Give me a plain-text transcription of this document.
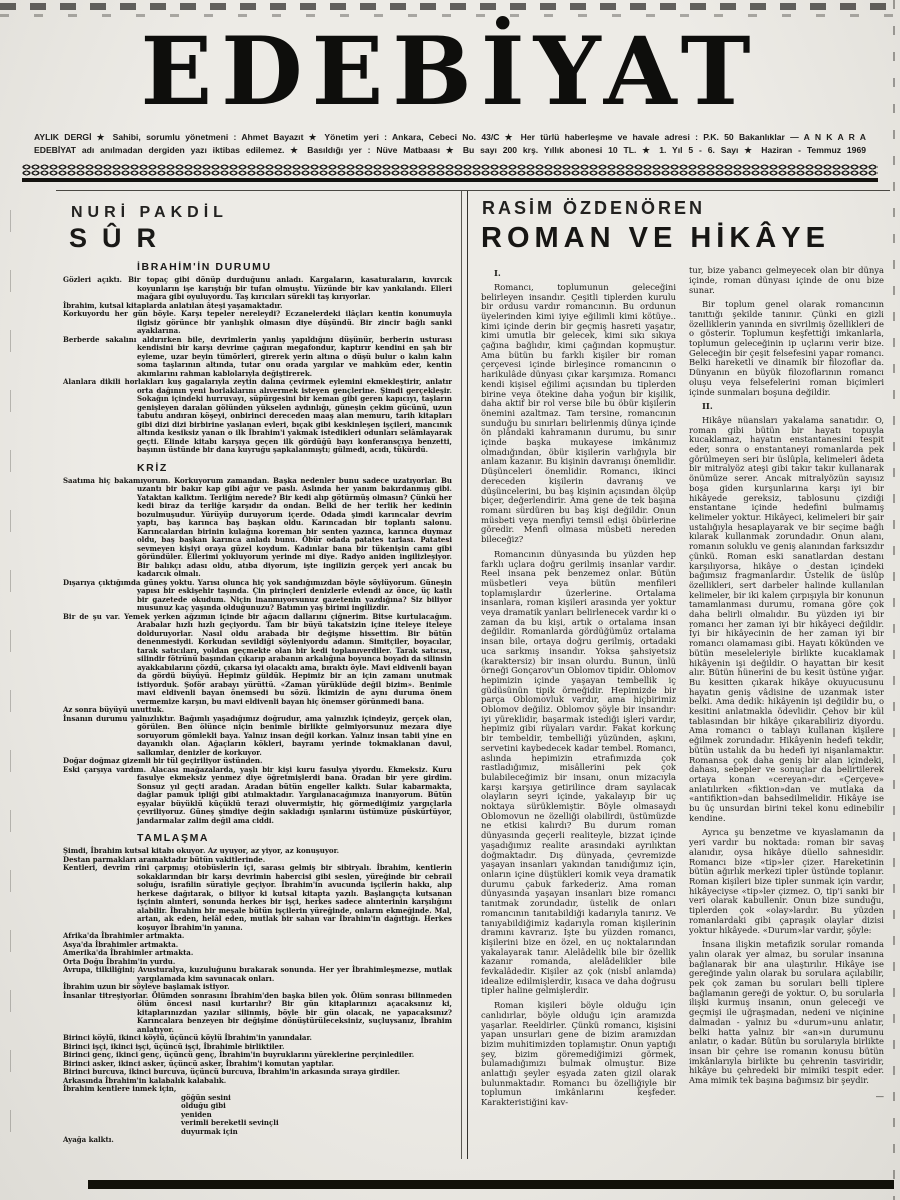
EDEBİYAT
AYLIK DERGİ ★ Sahibi, sorumlu yönetmeni : Ahmet Bayazıt ★ Yönetim yeri : Ankara, Cebeci No. 43/C ★ Her türlü haberleşme ve havale adresi : P.K. 50 Bakanlıklar — A N K A R A
EDEBİYAT adı anılmadan dergiden yazı iktibas edilemez. ★ Basıldığı yer : Nüve Matbaası ★ Bu sayı 200 krş. Yıllık abonesi 10 TL. ★ 1. Yıl 5 - 6. Sayı ★ Haziran - Temmuz 1969
NURİ PAKDİL
SÛR
İBRAHİM'İN DURUMU

Gözleri açıktı. Bir topaç gibi dönüp durduğunu anladı. Kargaların, kasaturaların, kıvırcık koyunların işe karıştığı bir tufan olmuştu. Yüzünde bir kav yankılandı. Elleri mağara gibi oyuluyordu. Taş kırıcıları sürekli taş kırıyorlar.

İbrahim, kutsal kitaplarda anlatılan âteşi yaşamaktadır.

Korkuyordu her gün böyle. Karşı tepeler nereleydi? Eczanelerdeki ilâçları kentin konumuyla ilgisiz görünce bir yanlışlık olmasın diye düşündü. Bir zincir bağlı sanki ayaklarına.

Berberde sakalını aldırırken bile, devrimlerin yanlış yapıldığını düşünür, berberin usturası kendisini bir karşı devrime çağıran megafondur, kaptırır kendini en şah bir eyleme, uzar beyin tümörleri, girerek yerin altına o düşü bulur o kalın kalın soma taşlarının altında, tutar onu orada yargılar ve mahkûm eder, kentin akımlarını rahman kablolarıyla değiştirerek.

Alanlara dikili horlakları kuş gagalarıyla zeytin dalına çevirmek eylemini ekmekleştirir, anlatır orta dağının yeni horlaklarını alıvermek isteyen gençlerine. Şimdi gerçekleşir. Sokağın içindeki hurruvayı, süpürgesini bir keman gibi geren kapıcıyı, taşların genişleyen daralan gölünden yükselen aydınlığı, güneşin çekim gücünü, uzun tabutu andıran köşeyi, onbirinci dereceden maaş alan memuru, tarih kitapları gibi dizi dizi birbirine yaslanan evleri, bıçak gibi keskinleşen işçileri, mancınık altında kesiksiz yanan o ilk İbrahim'i yakmak istedikleri odunları selâmlayarak geçti. Elinde kitabı karşıya geçen ilk gördüğü bayı konferansçıya benzetti, başının üstünde bir dana kuyruğu şapkalanmıştı; gülmedi, acıdı, tükürdü.

KRİZ

Saatıma hiç bakamıyorum. Korkuyorum zamandan. Başka nedenler bunu sadece uzatıyorlar. Bu uzantı bir bakır kap gibi ağır ve paslı. Aslında her yanım bakırdanmış gibi. Yataktan kalktım. Terliğim nerede? Bir kedi alıp götürmüş olmasın? Çünkü her kedi biraz da terliğe karşıdır da ondan. Belki de her terlik her kedinin bozulmuşudur. Yürüyüp duruyorum içerde. Odada şimdi karıncalar devrim yaptı, baş karınca baş başkan oldu. Karıncadan bir toplantı salonu. Karıncalardan birinin kulağına koreman bir senten yazınca, karınca duymaz oldu, baş başkan karınca anladı bunu. Öbür odada patates tarlası. Patatesi sevmeyen kişiyi oraya güzel koydum. Kadınlar bana bir tükenişin camı gibi göründüler. Ellerimi yokluyorum yerinde mi diye. Radyo aniden ingilizleşiyor. Bir balıkçı adası oldu, atıba diyorum, işte ingilizin gerçek yeri ancak bu kadarcık olmalı.

Dışarıya çıktığımda güneş yoktu. Yarısı olunca hiç yok sandığımızdan böyle söylüyorum. Güneşin yapısı bir eskişehir taşında. Çin pirinçleri denizlerle evlendi az önce, üç katlı bir gazetede okudum. Niçin inanmıyorsunuz gazetenin yazdığına? Siz biliyor musunuz kaç yaşında olduğunuzu? Batımın yaş birimi ingilizdir.

Bir de şu var. Yemek yerken ağzımın içinde bir ağacın dallarını çiğnerim. Bitse kurtulacağım. Arabalar hızlı hızlı geçiyordu. Tam bir büyü takatsizin içine iteleye iteleye dolduruyorlar. Nasıl oldu arabada bir değişme hissettim. Bir bütün denenmesiydi. Korkudan sevildiği söyleniyordu adamın. Simitçiler, boyacılar, tarak satıcıları, yoldan geçmekte olan bir kedi toplanıverdiler. Tarak satıcısı, silindir fötrünü başından çıkarıp arabanın arkalığına boyunca boyadı da silinsin ayakkabılarını çözdü, çıkarsa iyi olacaktı ama, bıraktı öyle. Mavi eldivenli bayan da gördü büyüyü. Hepimiz güldük. Hepimiz bir an için zamanı unutmak istiyorduk. Şoför arabayı yürüttü. «Zaman yürüklüde değil bizim». Benimle mavi eldivenli bayan önemsedi bu sözü. İkimizin de aynı duruma önem vermemize karşın, bu mavi eldivenli bayan hiç önemser görünmedi bana.

Az sonra büyüyü unuttuk.

İnsanın durumu yalnızlıktır. Bağımlı yaşadığımız doğrudur, ama yalnızlık içindeyiz, gerçek olan, görülen. Ben ölünce niçin benimle birlikte gelmiyorsunuz mezara diye soruyorum gömlekli baya. Yalnız insan değil korkan. Yalnız insan tabii yine en dayanıklı olan. Ağaçların kökleri, bayramı yerinde tokmaklanan davul, salkımlar, denizler de korkuyor.

Doğar doğmaz gizemli bir tül geçiriliyor üstünden.

Eski çarşıya vardım. Alacası mağazalarda, yaşlı bir kişi kuru fasulya yiyordu. Ekmeksiz. Kuru fasulye ekmeksiz yenmez diye öğretmişlerdi bana. Oradan bir yere girdim. Sonsuz yıl geçti aradan. Aradan bütün engeller kalktı. Sular kabarmakta, dağlar pamuk ipliği gibi atılmaktadır. Yargılanacağımıza inanıyorum. Bütün eşyalar büyüklü küçüklü terazi oluvermiştir, hiç görmediğimiz yargıçlarla çevriliyoruz. Güneş şimdiye değin sakladığı ışınlarını üstümüze püskürtüyor, jandarmalar zalim değil ama ciddi.

TAMLAŞMA

Şimdi, İbrahim kutsal kitabı okuyor. Az uyuyor, az yiyor, az konuşuyor.

Destan parmakları aramaktadır bütün vakitlerinde.

Kentleri, devrim rini çarpmış; otobüslerin içi, sarası gelmiş bir sibiryalı. İbrahim, kentlerin sokaklarından bir karşı devrimin habercisi gibi seslen, yüreğinde bir cebrail soluğu, israfilin süratiyle geçiyor. İbrahim'in avucunda işçilerin hakkı, alıp herkese dağıtarak, o biliyor ki kutsal kitapta yazılı. Başlangıçta kutsanan işçinin alınteri, sonunda herkes bir işçi, herkes sadece alınterinin karşılığını alabilir. İbrahim bir meşale bütün işçilerin yüreğinde, onların ekmeğinde. Mal, artan, ak eden, helâl eden, mutlak bir sahan var İbrahim'in dağıttığı. Herkes koşuyor İbrahim'in yanına.

Afrika'da İbrahimler artmakta.

Asya'da İbrahimler artmakta.

Amerika'da İbrahimler artmakta.

Orta Doğu İbrahim'in yurdu.

Avrupa, tilkiliğini; Avusturalya, kuzuluğunu bırakarak sonunda. Her yer İbrahimleşmezse, mutlak yargılamada kim savunacak onları.

İbrahim uzun bir söyleve başlamak istiyor.

İnsanlar titreşiyorlar. Ölümden sonrasını İbrahim'den başka bilen yok. Ölüm sonrası bilinmeden ölüm öncesi nasıl kurtarılır? Bir gün kitaplarınızı açacaksınız ki, kitaplarınızdan yazılar silinmiş, böyle bir gün olacak, ne yapacaksınız? Karıncalara benzeyen bir değişime dönüştürüleceksiniz, suçluysanız, İbrahim anlatıyor.

Birinci köylü, ikinci köylü, üçüncü köylü İbrahim'in yanındalar.

Birinci işçi, ikinci işçi, üçüncü işçi, İbrahimle birliktiler.

Birinci genç, ikinci genç, üçüncü genç, İbrahim'in buyruklarını yüreklerine perçinlediler.

Birinci asker, ikinci asker, üçüncü asker, İbrahim'i komutan yaptılar.

Birinci burcuva, ikinci burcuva, üçüncü burcuva, İbrahim'in arkasında sıraya girdiler.

Arkasında İbrahim'in kalabalık kalabalık.

İbrahim kentlere inmek için,

göğün sesini

olduğu gibi

yeniden

verimli bereketli sevinçli

duyurmak için

Ayağa kalktı.

RASİM ÖZDENÖREN
ROMAN VE HİKÂYE

I.

Romancı, toplumunun geleceğini belirleyen insandır. Çeşitli tiplerden kurulu bir ordusu vardır romancının. Bu ordunun üyelerinden kimi iyiye eğilimli kimi kötüye.. kimi içinde derin bir geçmiş hasreti yaşatır, kimi umutla bir gelecek, kimi sıkı sıkıya çağına bağlıdır, kimi çağından kopmuştur. Ama bütün bu farklı kişiler bir roman çerçevesi içinde birleşince romancının o harikulâde dünyası çıkar karşımıza. Romancı kendi kişisel eğilimi açısından bu tiplerden birine veya ötekine daha yoğun bir kişilik, daha aktif bir rol verse bile bu öbür kişilerin önemini azaltmaz. Tam tersine, romancının sunduğu bu sınırları belirlenmiş dünya içinde ön plândaki kahramanın durumu, bu sınır içinde başka mukayese imkânımız olmadığından, öbür kişilerin varlığıyla bir anlam kazanır. Bu kişinin davranışı önemlidir. Düşünceleri önemlidir. Romancı, ikinci dereceden kişilerin davranış ve düşüncelerini, bu baş kişinin açısından ölçüp biçer, değerlendirir. Ama gene de tek başına romanı sürdüren bu baş kişi değildir. Onun müsbeti veya menfiyi temsil edişi öbürlerine göredir. Menfi olmasa müsbeti nereden bileceğiz?

Romancının dünyasında bu yüzden hep farklı uçlara doğru gerilmiş insanlar vardır. Reel insana pek benzemez onlar. Bütün müsbetleri veya bütün menfileri toplamışlardır üzerlerine. Ortalama insanlara, roman kişileri arasında yer yoktur veya dramatik yanları belirlenecek vardır ki o zaman da bu kişi, artık o ortalama insan değildir. Romanlarda gördüğümüz ortalama insan bile, ortaya doğru gerilmiş, ortadaki uca sarkmış insandır. Yoksa şahsiyetsiz (karaktersiz) bir insan olurdu. Bunun, ünlü örneği Gonçarov'un Oblomov tipidir. Oblomov hepimizin içinde yaşayan tembellik iç güdüsünün tipik örneğidir. Hepimizde bir parça Oblomovluk vardır, ama hiçbirimiz Oblomov değiliz. Oblomov şöyle bir insandır: iyi yüreklidir, başarmak istediği işleri vardır, hepimiz gibi rüyaları vardır. Fakat korkunç bir tembeldir, tembelliği yüzünden, aşkını, servetini kaybedecek kadar tembel. Romancı, aslında hepimizin etrafımızda çok rastladığımız, misâllerini pek çok bulabileceğimiz bir insanı, onun mizacıyla karşı karşıya getirilince dram sayılacak olayların seyri içinde, yakalayıp bir uç noktaya sürüklemiştir. Böyle olmasaydı Oblomovun ne özelliği olabilirdi, üstümüzde ne etkisi kalırdı? Bu durum roman dünyasında geçerli realiteyle, bizzat içinde yaşadığımız realite arasındaki ayrılıktan doğmaktadır. Dış dünyada, çevremizde yaşayan insanları yakından tanıdığımız için, onların içine düştükleri komik veya dramatik durumu çabuk farkederiz. Ama roman dünyasında yaşayan insanları bize romancı tanıtmak zorundadır, üstelik de onları romancının tanıtabildiği kadarıyla tanırız. Ve tanıyabildiğimiz kadarıyla roman kişilerinin dramını kavrarız. İşte bu yüzden romancı, kişilerini bize en özel, en uç noktalarından yakalayarak tanır. Alelâdelik bile bir özellik kazanır romanda, alelâdelikler bile fevkalâdedir. Kişiler az çok (nisbî anlamda) idealize edilmişlerdir, kısaca ve daha doğrusu tipler haline gelmişlerdir.

Roman kişileri böyle olduğu için canlıdırlar, böyle olduğu için aramızda yaşarlar. Reeldirler. Çünkü romancı, kişisini yapan unsurları gene de bizim aramızdan bizim muhitimizden toplamıştır. Onun yaptığı şey, bizim göremediğimizi görmek, bulamadığımızı bulmak olmuştur. Bize anlattığı şeyler eşyada zaten gizil olarak bulunmaktadır. Romancı bu özelliğiyle bir toplumun imkânlarını keşfeder. Karakteristiğini kav-

tur, bize yabancı gelmeyecek olan bir dünya içinde, roman dünyası içinde de onu bize sunar.

Bir toplum genel olarak romancının tanıttığı şekilde tanınır. Çünki en gizli özelliklerin yanında en sivrilmiş özellikleri de o gösterir. Toplumun keşfettiği imkanlarla, toplumun geleceğinin ip uçlarını verir bize. Geleceğin bir çeşit felsefesini yapar romancı. Belki hareketli ve dinamik bir filozoflar da. Dünyanın en büyük filozoflarının romancı oluşu veya felsefelerini roman biçimleri içinde sunmaları boşuna değildir.

II.

Hikâye nüansları yakalama sanatıdır. O, roman gibi bütün bir hayatı topuyla kucaklamaz, hayatın enstantanesini tespit eder, sonra o enstantaneyi romanlarda pek görülmeyen seri bir üslûpla, kelimeleri âdeta bir mitralyöz ateşi gibi takır takır kullanarak önümüze serer. Ancak mitralyözün sayısız boşa giden kurşunlarına karşı iyi bir hikâyede gereksiz, tablosunu çizdiği enstantane içinde hedefini bulmamış kelimeler yoktur. Hikâyeci, kelimeleri bir şair ustalığıyla hesaplayarak ve bir seçime bağlı kılarak kullanmak zorundadır. Onun alanı, romanın soluklu ve geniş alanından farksızdır çünkü. Roman eski sanatlardan destanı karşılıyorsa, hikâye o destan içindeki bağımsız fragmanlardır. Üstelik de üslûp özellikleri, sert darbeler halinde kullanılan kelimeler, bir iki kalem çırpışıyla bir konunun tamamlanması durumu, romana göre çok daha belirli olmalıdır. Bu yüzden iyi bir romancı her zaman iyi bir hikâyeci değildir. İyi bir hikâyecinin de her zaman iyi bir romancı olamaması gibi. Hayatı kökünden ve bütün meseleleriyle birlikte kucaklamak hikâyenin işi değildir. O hayattan bir kesit alır. Bütün hünerini de bu kesit üstüne yığar. Bu kesitten çıkarak hikâye okuyucusunu hayatın geniş vâdisine de uzanmak ister belki. Ama dedik: hikâyenin işi değildir bu, o kesitini anlatmakla ödevlidir. Çehov bir kül tablasından bir hikâye çıkarabiliriz diyordu. Ama romancı o tablayı kullanan kişilere eğilmek zorundadır. Hikâyenin hedefi tekdir, bütün ustalık da bu hedefi iyi nişanlamaktır. Romansa çok daha geniş bir alan içindeki, dahası, sebepler ve sonuçlar da belirtilerek ortaya konan «cereyan»dır. «Çerçeve» anlatılırken «fiktion»dan ve mutlaka da «antifiktion»dan bahsedilmelidir. Hikâye ise bu üç unsurdan birini tekel konu edinebilir kendine.

Ayrıca şu benzetme ve kıyaslamanın da yeri vardır bu noktada: roman bir savaş alanıdır, oysa hikâye düello sahnesidir. Romancı bize «tip»ler çizer. Hareketinin bütün ağırlık merkezi tipler üstünde toplanır. Roman kişileri bize tipler sunmak için vardır, hikâyeciyse «tip»ler çizmez. O, tip'i sanki bir veri olarak kabullenir. Onun bize sunduğu, tiplerden çok «olay»lardır. Bu yüzden romanlardaki gibi çapraşık olaylar dizisi yoktur hikâyede. «Durum»lar vardır, şöyle:

İnsana ilişkin metafizik sorular romanda yalın olarak yer almaz, bu sorular insanına bağlanarak bir ana ulaştırılır. Hikâye ise gereğinde yalın olarak bu sorulara açılabilir, pek çok zaman bu soruları belli tiplere bağlamanın gereği de yoktur. O, bu sorularla ilişki kurmuş insanın, onun geleceği ve geçmişi ile uğraşmadan, nedeni ve niçinine dalmadan - yalnız bu «durum»unu anlatır, belki hatta yalnız bir «an»ın durumunu anlatır, o kadar. Bütün bu sorularıyla birlikte insan bir çehre ise romanın konusu bütün imkânlarıyla birlikte bu çehrenin tasviridir, hikâye bu çehredeki bir mimiki tespit eder. Ama mimik tek başına bağımsız bir şeydir.

—
